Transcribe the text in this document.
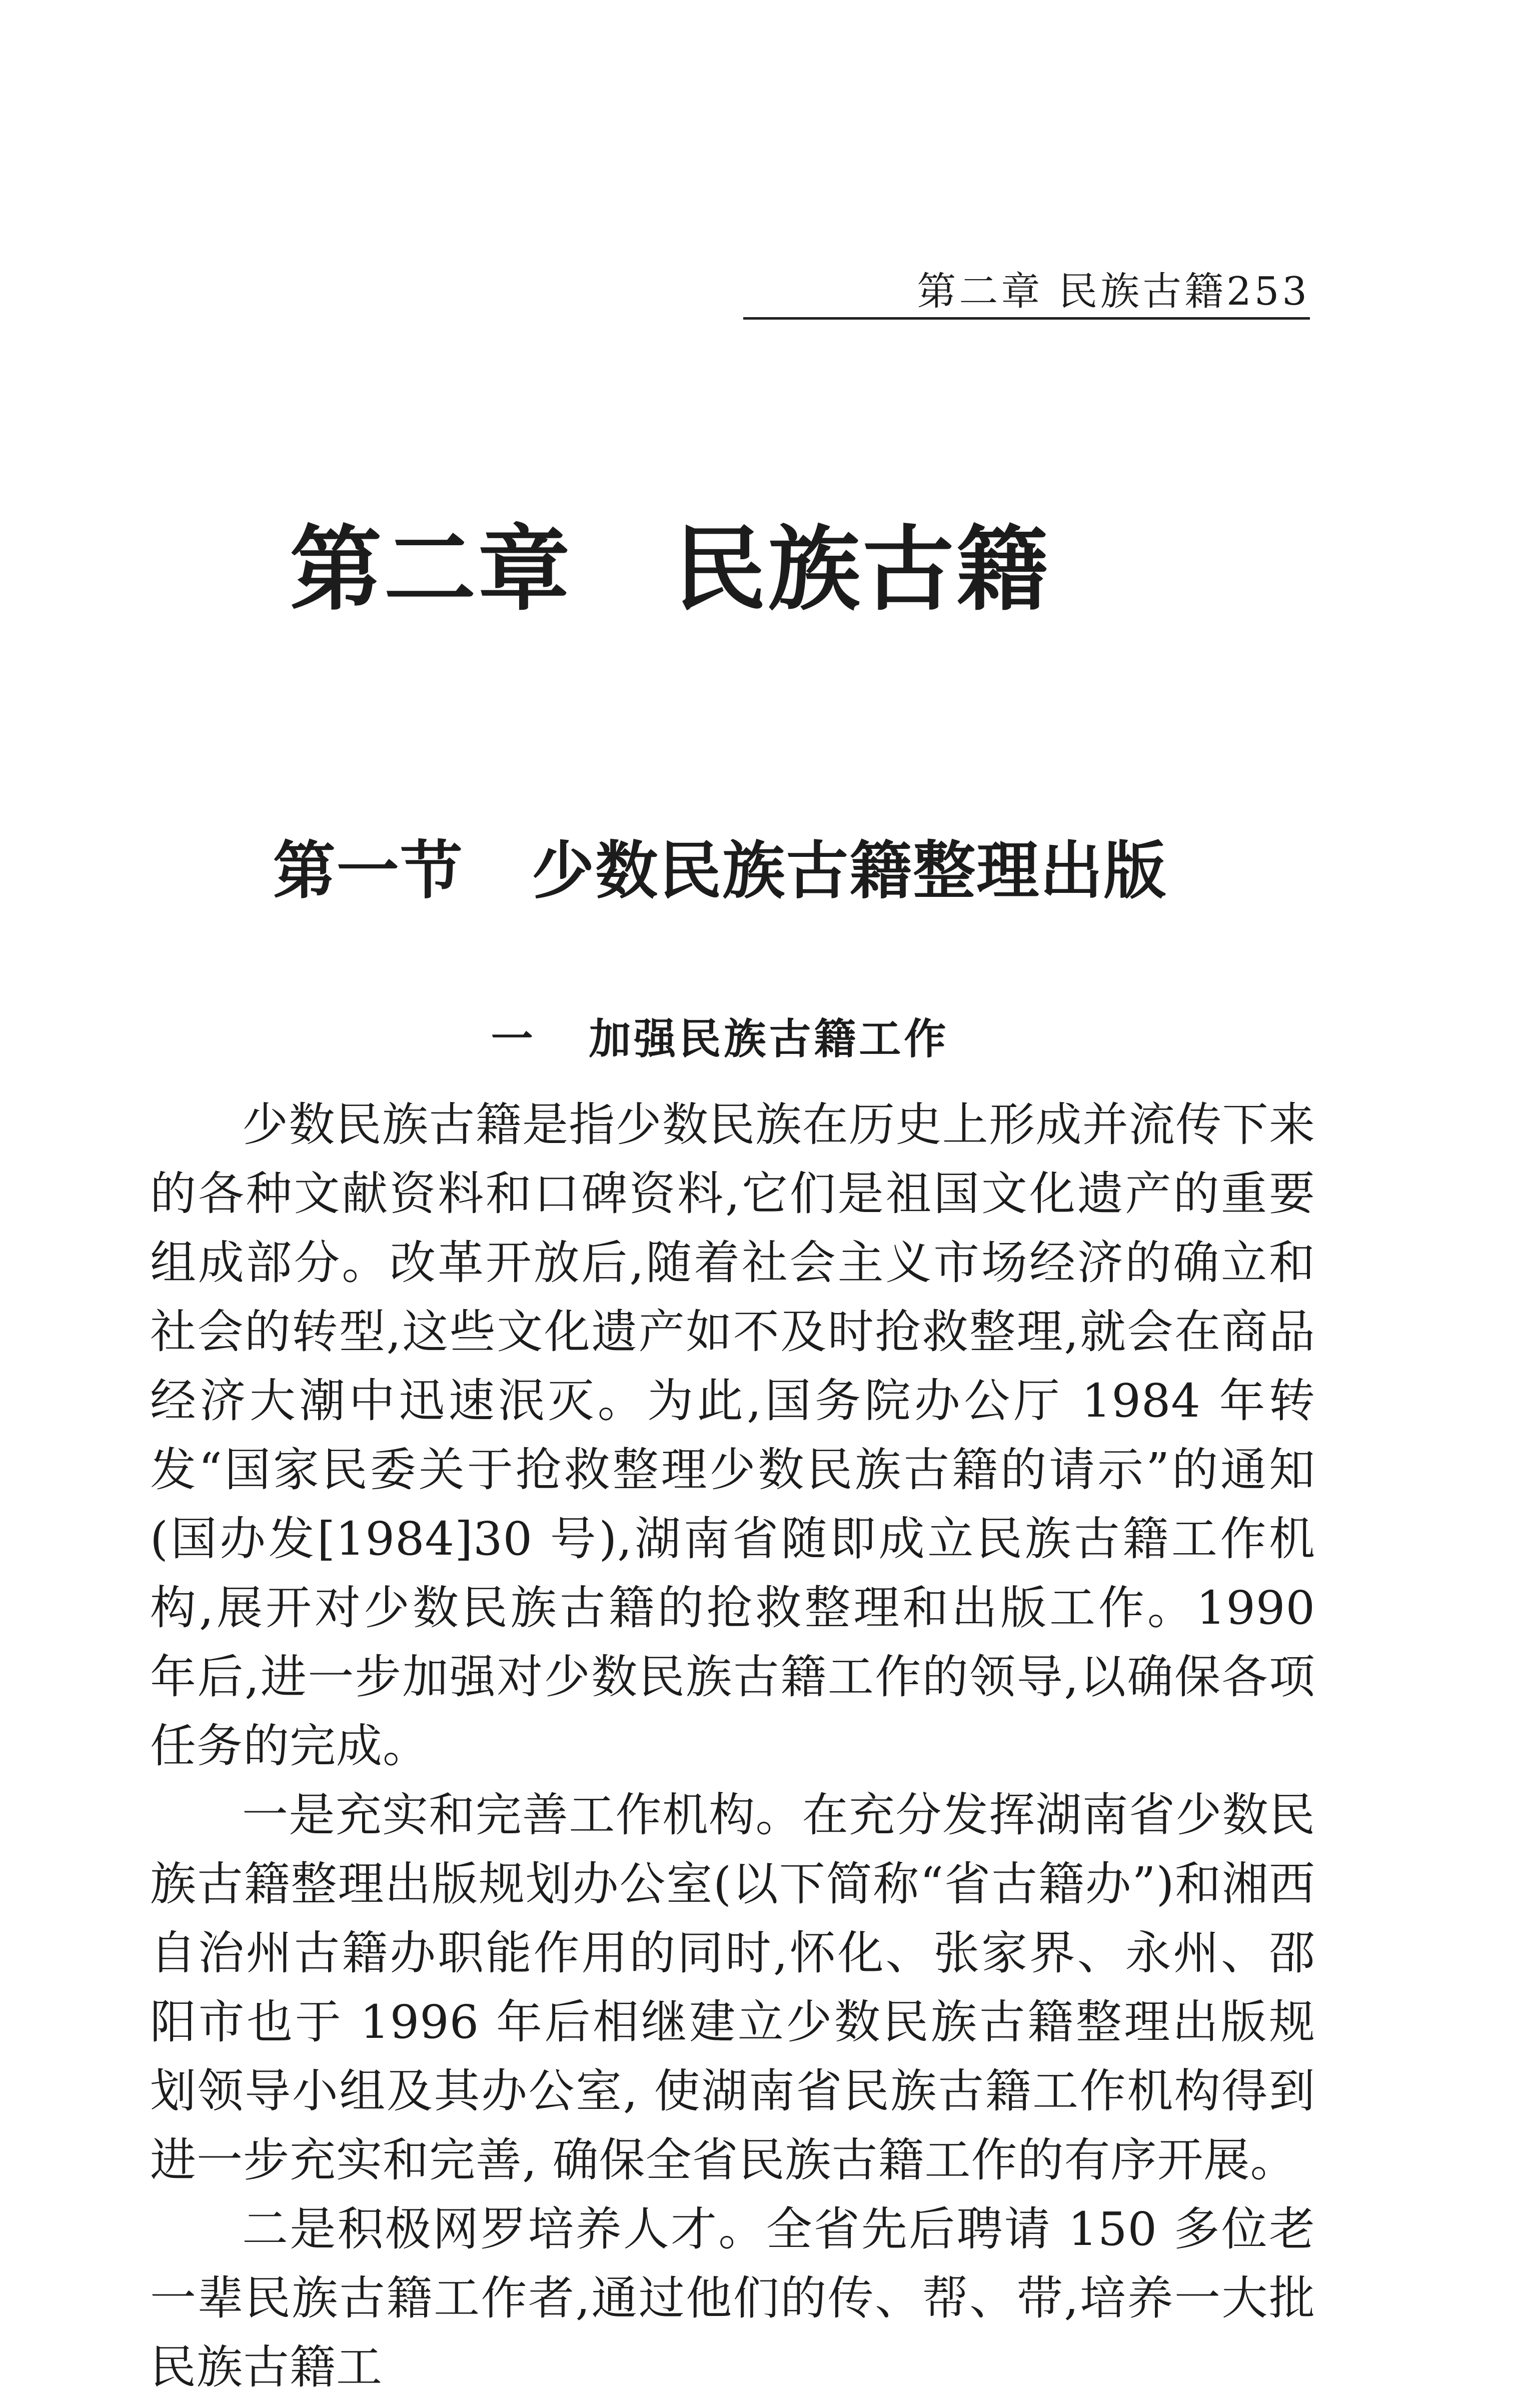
第二章 民族古籍253
第二章   民族古籍
第一节   少数民族古籍整理出版
一   加强民族古籍工作

少数民族古籍是指少数民族在历史上形成并流传下来的各种文献资料和口碑资料,它们是祖国文化遗产的重要组成部分。改革开放后,随着社会主义市场经济的确立和社会的转型,这些文化遗产如不及时抢救整理,就会在商品经济大潮中迅速泯灭。为此,国务院办公厅 1984 年转发“国家民委关于抢救整理少数民族古籍的请示”的通知(国办发[1984]30 号),湖南省随即成立民族古籍工作机构,展开对少数民族古籍的抢救整理和出版工作。1990 年后,进一步加强对少数民族古籍工作的领导,以确保各项任务的完成。

一是充实和完善工作机构。在充分发挥湖南省少数民族古籍整理出版规划办公室(以下简称“省古籍办”)和湘西自治州古籍办职能作用的同时,怀化、张家界、永州、邵阳市也于 1996 年后相继建立少数民族古籍整理出版规划领导小组及其办公室, 使湖南省民族古籍工作机构得到进一步充实和完善, 确保全省民族古籍工作的有序开展。

二是积极网罗培养人才。全省先后聘请 150 多位老一辈民族古籍工作者,通过他们的传、帮、带,培养一大批民族古籍工
